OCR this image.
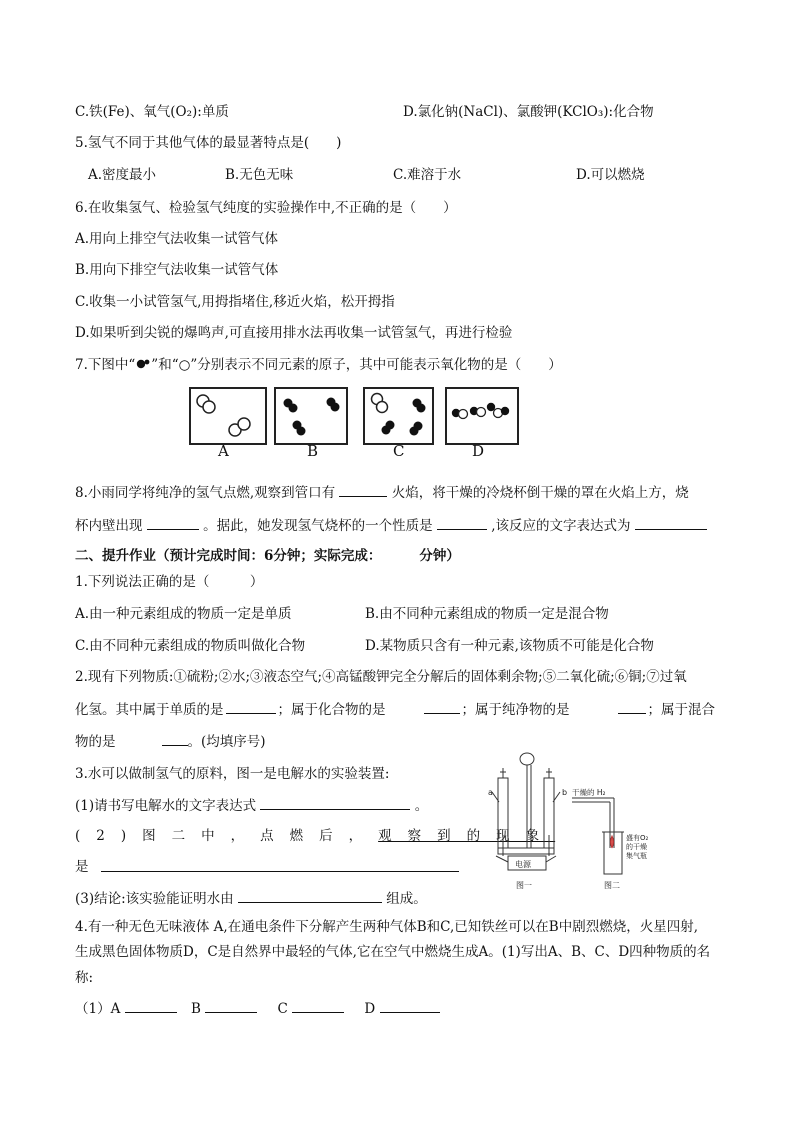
C.铁(Fe)、氧气(O₂):单质	D.氯化钠(NaCl)、氯酸钾(KClO₃):化合物
5.氢气不同于其他气体的最显著特点是(　　)
A.密度最小	B.无色无味	C.难溶于水	D.可以燃烧
6.在收集氢气、检验氢气纯度的实验操作中,不正确的是（　　）
A.用向上排空气法收集一试管气体
B.用向下排空气法收集一试管气体
C.收集一小试管氢气,用拇指堵住,移近火焰，松开拇指
D.如果听到尖锐的爆鸣声,可直接用排水法再收集一试管氢气，再进行检验
7.下图中“ ”和“○”分别表示不同元素的原子，其中可能表示氧化物的是（　　）
A	B	C	D
8.小雨同学将纯净的氢气点燃,观察到管口有	火焰，将干燥的冷烧杯倒干燥的罩在火焰上方，烧
杯内壁出现	。据此，她发现氢气烧杯的一个性质是	,该反应的文字表达式为
二、提升作业（预计完成时间：6分钟；实际完成：	分钟）
1.下列说法正确的是（　　　）
A.由一种元素组成的物质一定是单质	B.由不同种元素组成的物质一定是混合物
C.由不同种元素组成的物质叫做化合物	D.某物质只含有一种元素,该物质不可能是化合物
2.现有下列物质:①硫粉;②水;③液态空气;④高锰酸钾完全分解后的固体剩余物;⑤二氧化硫;⑥铜;⑦过氧
化氢。其中属于单质的是	；属于化合物的是	；属于纯净物的是	；属于混合
物的是	。(均填序号)
3.水可以做制氢气的原料，图一是电解水的实验装置:
(1)请书写电解水的文字表达式	。
(2)图二中，点燃后，观察到的现象
是
(3)结论:该实验能证明水由	组成。
a	b
电源
图一
干燥的 H₂
盛有O₂
的干燥
集气瓶
图二
4.有一种无色无味液体 A,在通电条件下分解产生两种气体B和C,已知铁丝可以在B中剧烈燃烧，火星四射,
生成黑色固体物质D，C是自然界中最轻的气体,它在空气中燃烧生成A。(1)写出A、B、C、D四种物质的名
称:
（1）A	B	C	D
